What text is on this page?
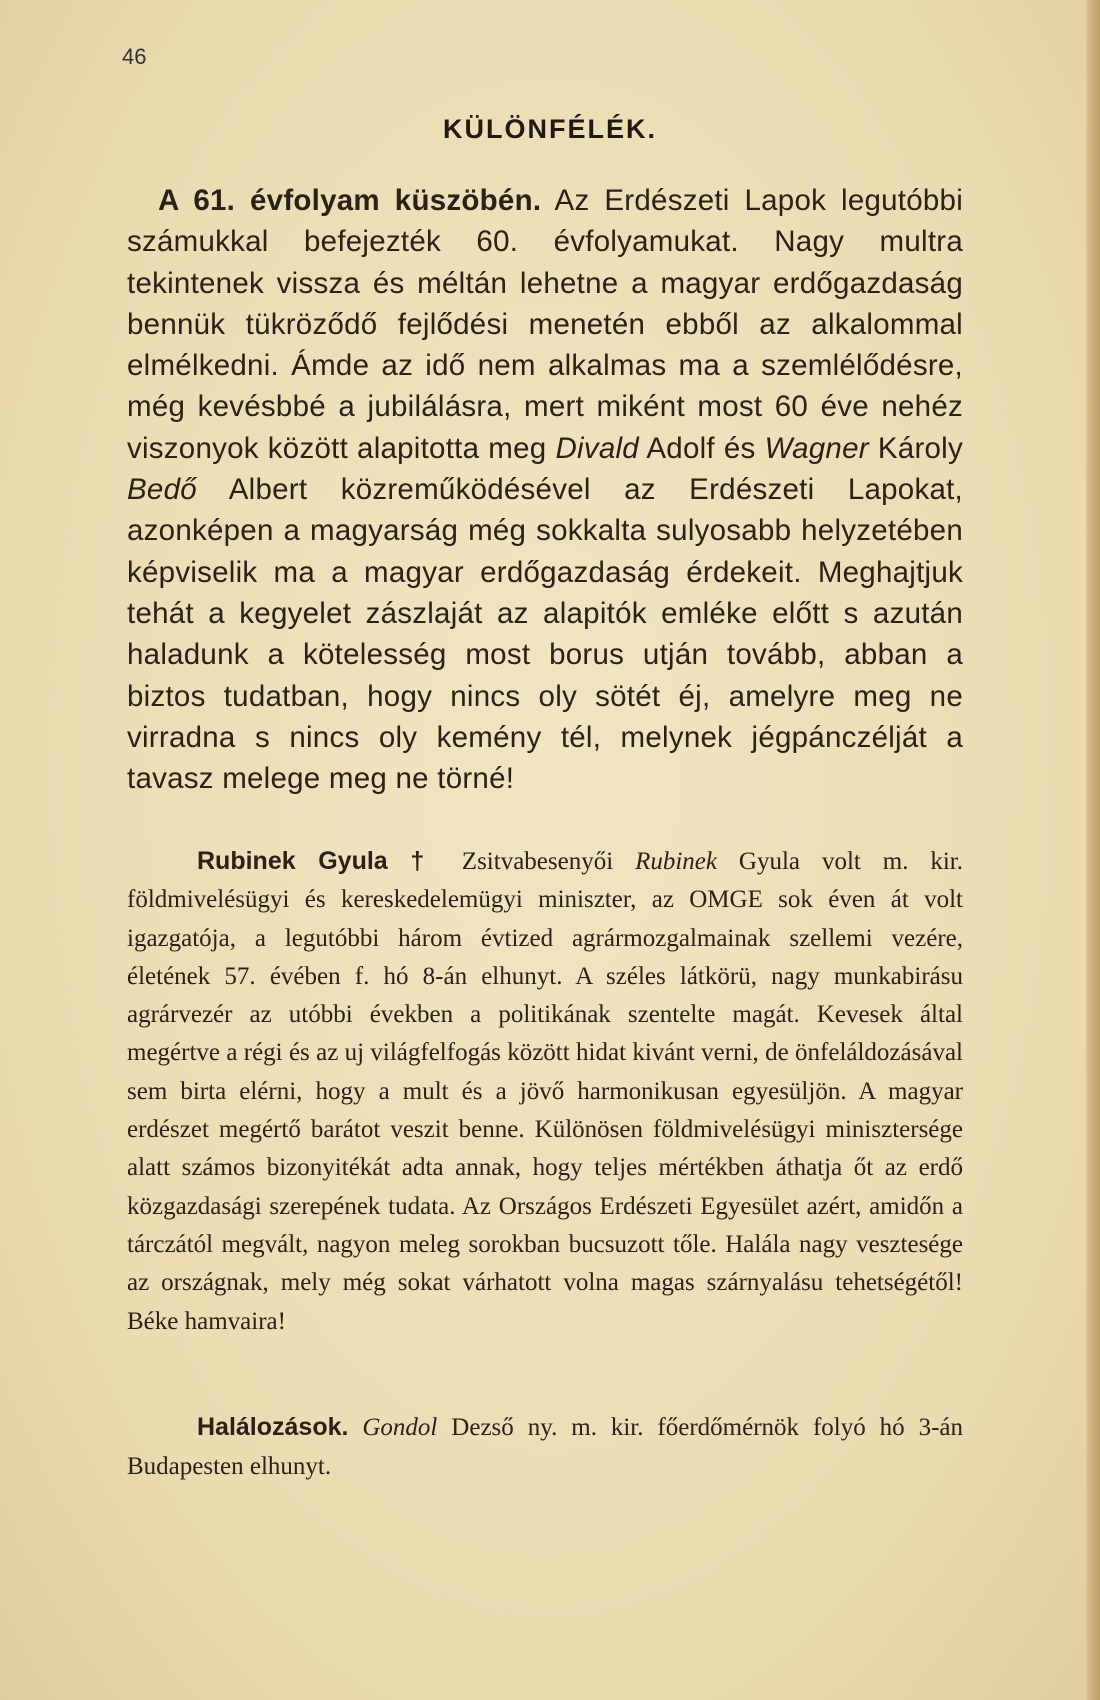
46
KÜLÖNFÉLÉK.

A 61. évfolyam küszöbén. Az Erdészeti Lapok legutóbbi számukkal befejezték 60. évfolyamukat. Nagy multra tekintenek vissza és méltán lehetne a magyar erdőgazdaság bennük tükröződő fejlődési menetén ebből az alkalommal elmélkedni. Ámde az idő nem alkalmas ma a szemlélődésre, még kevésbbé a jubilálásra, mert miként most 60 éve nehéz viszonyok között alapitotta meg Divald Adolf és Wagner Károly Bedő Albert közreműködésével az Erdészeti Lapokat, azonképen a magyarság még sokkalta sulyosabb helyzetében képviselik ma a magyar erdőgazdaság érdekeit. Meghajtjuk tehát a kegyelet zászlaját az alapitók emléke előtt s azután haladunk a kötelesség most borus utján tovább, abban a biztos tudatban, hogy nincs oly sötét éj, amelyre meg ne virradna s nincs oly kemény tél, melynek jégpánczélját a tavasz melege meg ne törné!

Rubinek Gyula † Zsitvabesenyői Rubinek Gyula volt m. kir. földmivelésügyi és kereskedelemügyi miniszter, az OMGE sok éven át volt igazgatója, a legutóbbi három évtized agrármozgalmainak szellemi vezére, életének 57. évében f. hó 8-án elhunyt. A széles látkörü, nagy munkabirásu agrárvezér az utóbbi években a politikának szentelte magát. Kevesek által megértve a régi és az uj világfelfogás között hidat kivánt verni, de önfeláldozásával sem birta elérni, hogy a mult és a jövő harmonikusan egyesüljön. A magyar erdészet megértő barátot veszit benne. Különösen földmivelésügyi minisztersége alatt számos bizonyitékát adta annak, hogy teljes mértékben áthatja őt az erdő közgazdasági szerepének tudata. Az Országos Erdészeti Egyesület azért, amidőn a tárczától megvált, nagyon meleg sorokban bucsuzott tőle. Halála nagy vesztesége az országnak, mely még sokat várhatott volna magas szárnyalásu tehetségétől! Béke hamvaira!

Halálozások. Gondol Dezső ny. m. kir. főerdőmérnök folyó hó 3-án Budapesten elhunyt.
